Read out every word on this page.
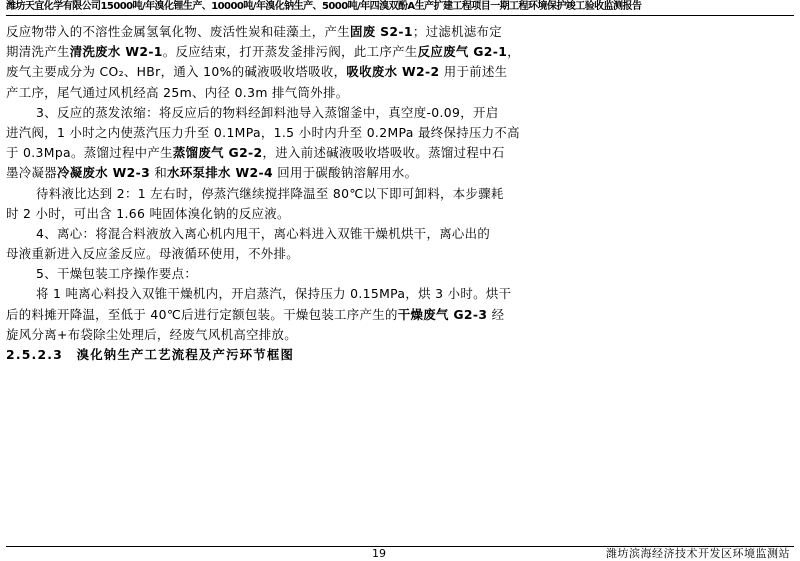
潍坊天宜化学有限公司15000吨/年溴化锂生产、10000吨/年溴化钠生产、5000吨/年四溴双酚A生产扩建工程项目一期工程环境保护竣工验收监测报告
反应物带入的不溶性金属氢氧化物、废活性炭和硅藻土，产生固废 S2-1；过滤机滤布定
期清洗产生清洗废水 W2-1。反应结束，打开蒸发釜排污阀，此工序产生反应废气 G2-1，
废气主要成分为 CO₂、HBr，通入 10%的碱液吸收塔吸收，吸收废水 W2-2 用于前述生
产工序，尾气通过风机经高 25m、内径 0.3m 排气筒外排。
3、反应的蒸发浓缩：将反应后的物料经卸料池导入蒸馏釜中，真空度-0.09，开启
进汽阀，1 小时之内使蒸汽压力升至 0.1MPa，1.5 小时内升至 0.2MPa 最终保持压力不高
于 0.3Mpa。蒸馏过程中产生蒸馏废气 G2-2，进入前述碱液吸收塔吸收。蒸馏过程中石
墨冷凝器冷凝废水 W2-3 和水环泵排水 W2-4 回用于碳酸钠溶解用水。
待料液比达到 2：1 左右时，停蒸汽继续搅拌降温至 80℃以下即可卸料，本步骤耗
时 2 小时，可出含 1.66 吨固体溴化钠的反应液。
4、离心：将混合料液放入离心机内甩干，离心料进入双锥干燥机烘干，离心出的
母液重新进入反应釜反应。母液循环使用，不外排。
5、干燥包装工序操作要点：
将 1 吨离心料投入双锥干燥机内，开启蒸汽，保持压力 0.15MPa，烘 3 小时。烘干
后的料摊开降温，至低于 40℃后进行定额包装。干燥包装工序产生的干燥废气 G2-3 经
旋风分离+布袋除尘处理后，经废气风机高空排放。
2.5.2.3　溴化钠生产工艺流程及产污环节框图
19	潍坊滨海经济技术开发区环境监测站
